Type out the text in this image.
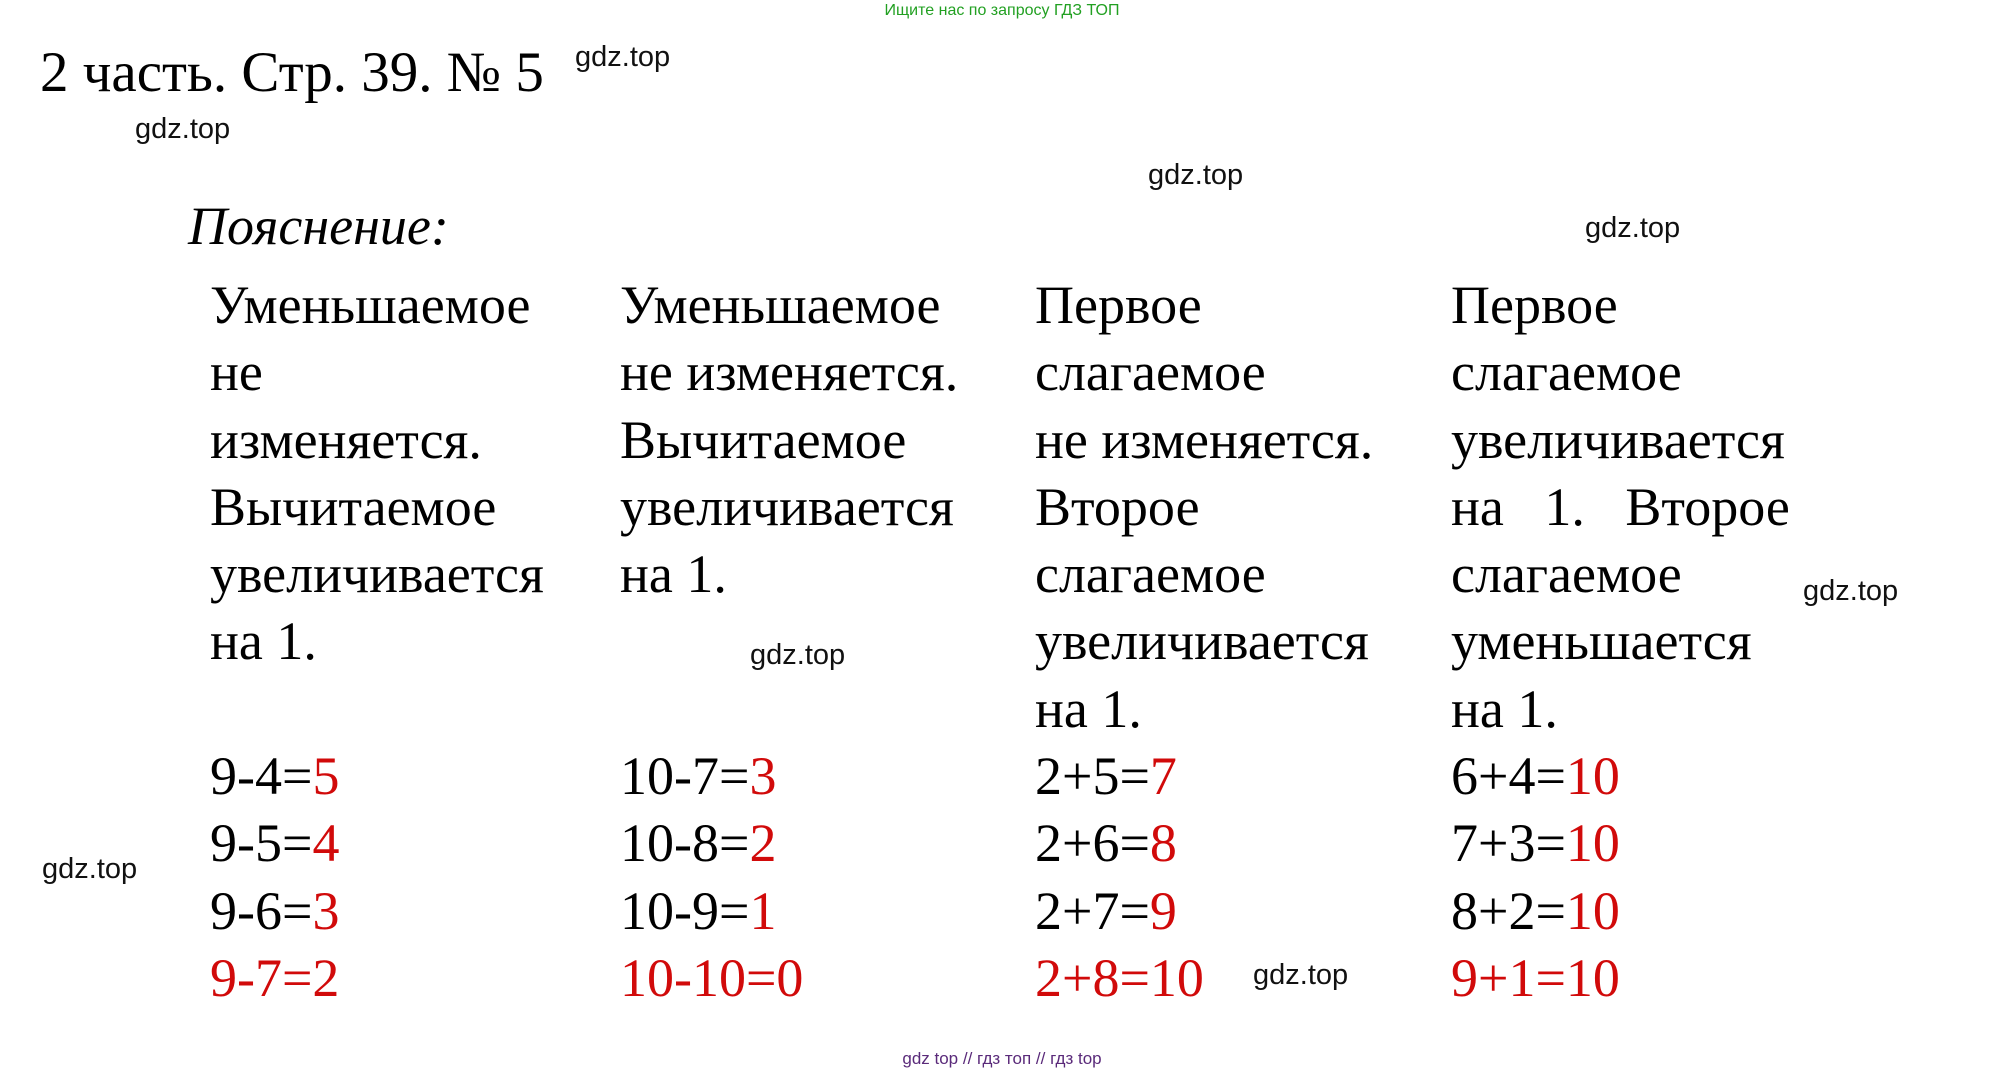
Ищите нас по запросу ГДЗ ТОП
2 часть. Стр. 39. № 5 gdz.top
gdz.top
gdz.top
gdz.top
gdz.top
gdz.top
gdz.top
gdz.top
Пояснение:
Уменьшаемое
не
изменяется.
Вычитаемое
увеличивается
на 1.
Уменьшаемое
не изменяется.
Вычитаемое
увеличивается
на 1.
Первое
слагаемое
не изменяется.
Второе
слагаемое
увеличивается
на 1.
Первое
слагаемое
увеличивается
на   1.   Второе
слагаемое
уменьшается
на 1.
9-4=5
9-5=4
9-6=3
9-7=2
10-7=3
10-8=2
10-9=1
10-10=0
2+5=7
2+6=8
2+7=9
2+8=10
6+4=10
7+3=10
8+2=10
9+1=10
gdz top // гдз топ // гдз top
